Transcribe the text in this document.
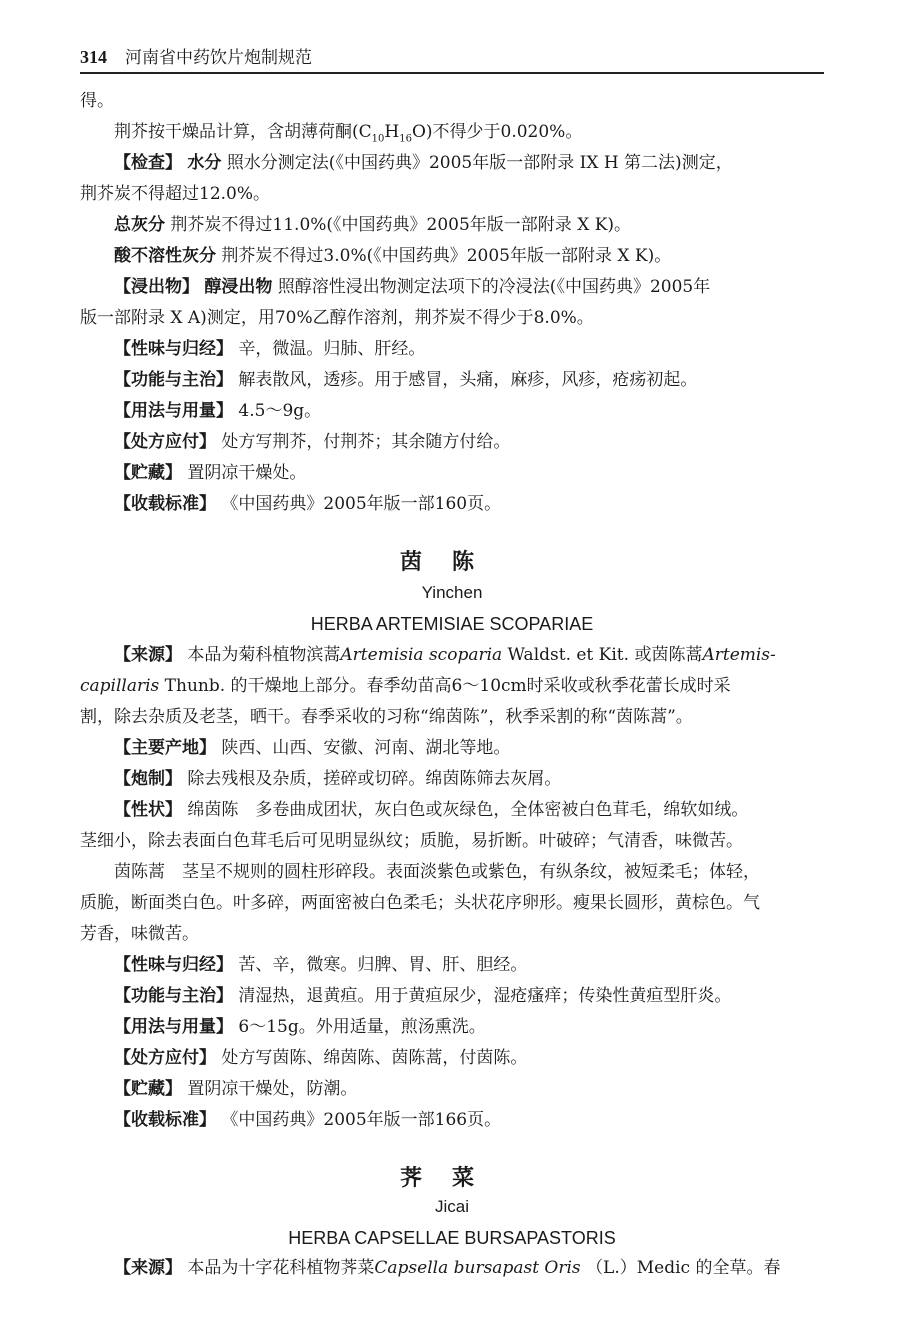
314 河南省中药饮片炮制规范
得。
荆芥按干燥品计算，含胡薄荷酮$(C_{10}H_{16}O)$不得少于0.020%。
【检查】 水分 照水分测定法(《中国药典》2005年版一部附录 IX H 第二法)测定，
荆芥炭不得超过12.0%。
总灰分 荆芥炭不得过11.0%(《中国药典》2005年版一部附录 X K)。
酸不溶性灰分 荆芥炭不得过3.0%(《中国药典》2005年版一部附录 X K)。
【浸出物】 醇浸出物 照醇溶性浸出物测定法项下的冷浸法(《中国药典》2005年
版一部附录 X A)测定，用70%乙醇作溶剂，荆芥炭不得少于8.0%。
【性味与归经】 辛，微温。归肺、肝经。
【功能与主治】 解表散风，透疹。用于感冒，头痛，麻疹，风疹，疮疡初起。
【用法与用量】 4.5～9g。
【处方应付】 处方写荆芥，付荆芥；其余随方付给。
【贮藏】 置阴凉干燥处。
【收载标准】 《中国药典》2005年版一部160页。
茵陈
Yinchen
HERBA ARTEMISIAE SCOPARIAE
【来源】 本品为菊科植物滨蒿Artemisia scoparia Waldst. et Kit. 或茵陈蒿Artemis-
capillaris Thunb. 的干燥地上部分。春季幼苗高6～10cm时采收或秋季花蕾长成时采
割，除去杂质及老茎，晒干。春季采收的习称“绵茵陈”，秋季采割的称“茵陈蒿”。
【主要产地】 陕西、山西、安徽、河南、湖北等地。
【炮制】 除去残根及杂质，搓碎或切碎。绵茵陈筛去灰屑。
【性状】 绵茵陈　多卷曲成团状，灰白色或灰绿色，全体密被白色茸毛，绵软如绒。
茎细小，除去表面白色茸毛后可见明显纵纹；质脆，易折断。叶破碎；气清香，味微苦。
茵陈蒿　茎呈不规则的圆柱形碎段。表面淡紫色或紫色，有纵条纹，被短柔毛；体轻，
质脆，断面类白色。叶多碎，两面密被白色柔毛；头状花序卵形。瘦果长圆形，黄棕色。气
芳香，味微苦。
【性味与归经】 苦、辛，微寒。归脾、胃、肝、胆经。
【功能与主治】 清湿热，退黄疸。用于黄疸尿少，湿疮瘙痒；传染性黄疸型肝炎。
【用法与用量】 6～15g。外用适量，煎汤熏洗。
【处方应付】 处方写茵陈、绵茵陈、茵陈蒿，付茵陈。
【贮藏】 置阴凉干燥处，防潮。
【收载标准】 《中国药典》2005年版一部166页。
荠菜
Jicai
HERBA CAPSELLAE BURSAPASTORIS
【来源】 本品为十字花科植物荠菜Capsella bursapast Oris （L.）Medic 的全草。春
